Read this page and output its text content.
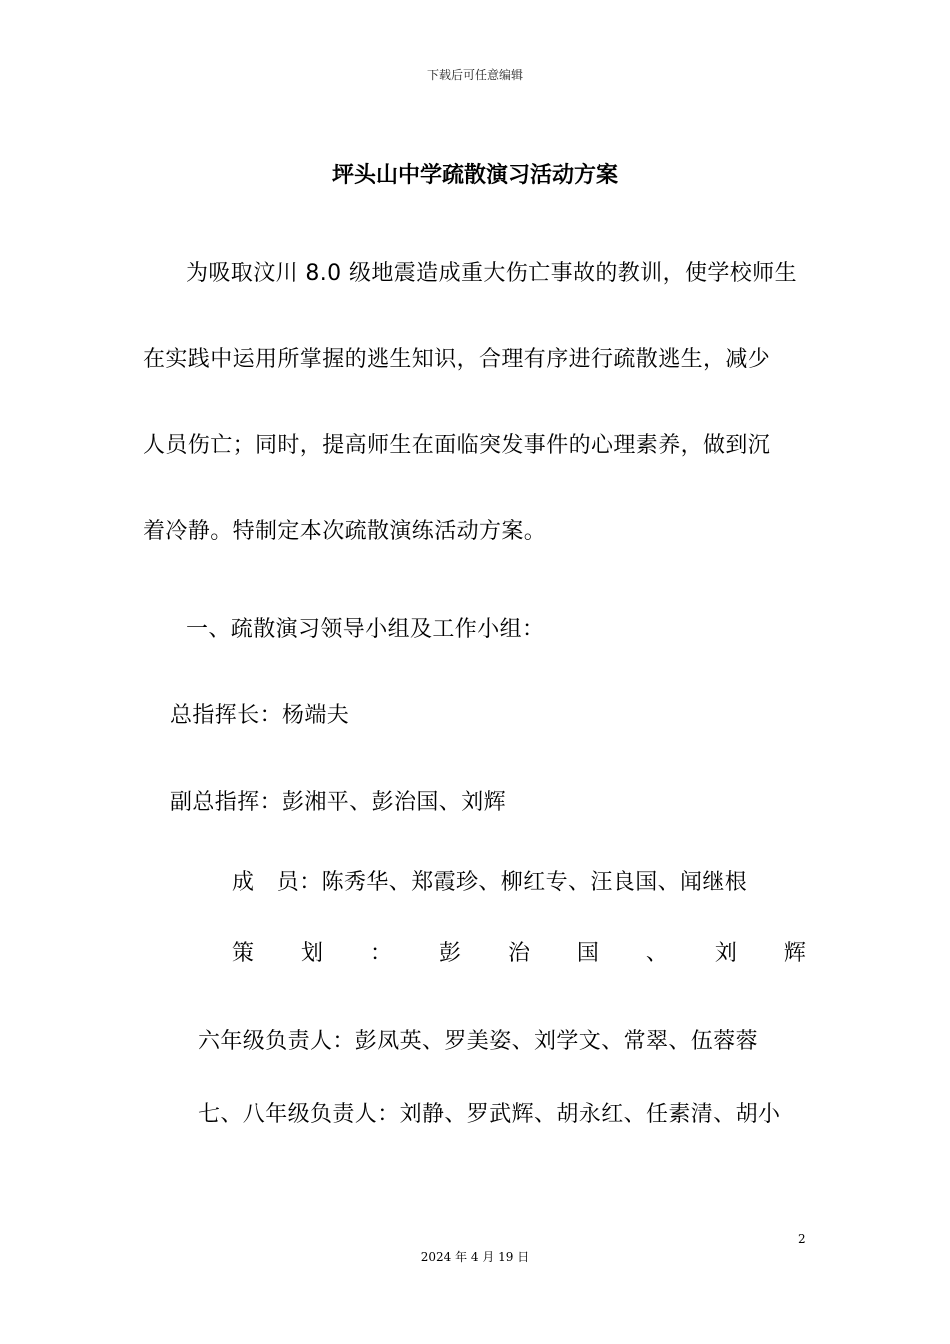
下载后可任意编辑
坪头山中学疏散演习活动方案
为吸取汶川 8.0 级地震造成重大伤亡事故的教训，使学校师生
在实践中运用所掌握的逃生知识，合理有序进行疏散逃生，减少
人员伤亡；同时，提高师生在面临突发事件的心理素养，做到沉
着冷静。特制定本次疏散演练活动方案。
一、疏散演习领导小组及工作小组：
总指挥长：杨端夫
副总指挥：彭湘平、彭治国、刘辉
成　员：陈秀华、郑霞珍、柳红专、汪良国、闻继根
策 划 ： 彭 治 国 、 刘 辉
六年级负责人：彭凤英、罗美姿、刘学文、常翠、伍蓉蓉
七、八年级负责人：刘静、罗武辉、胡永红、任素清、胡小
2
2024 年 4 月 19 日
